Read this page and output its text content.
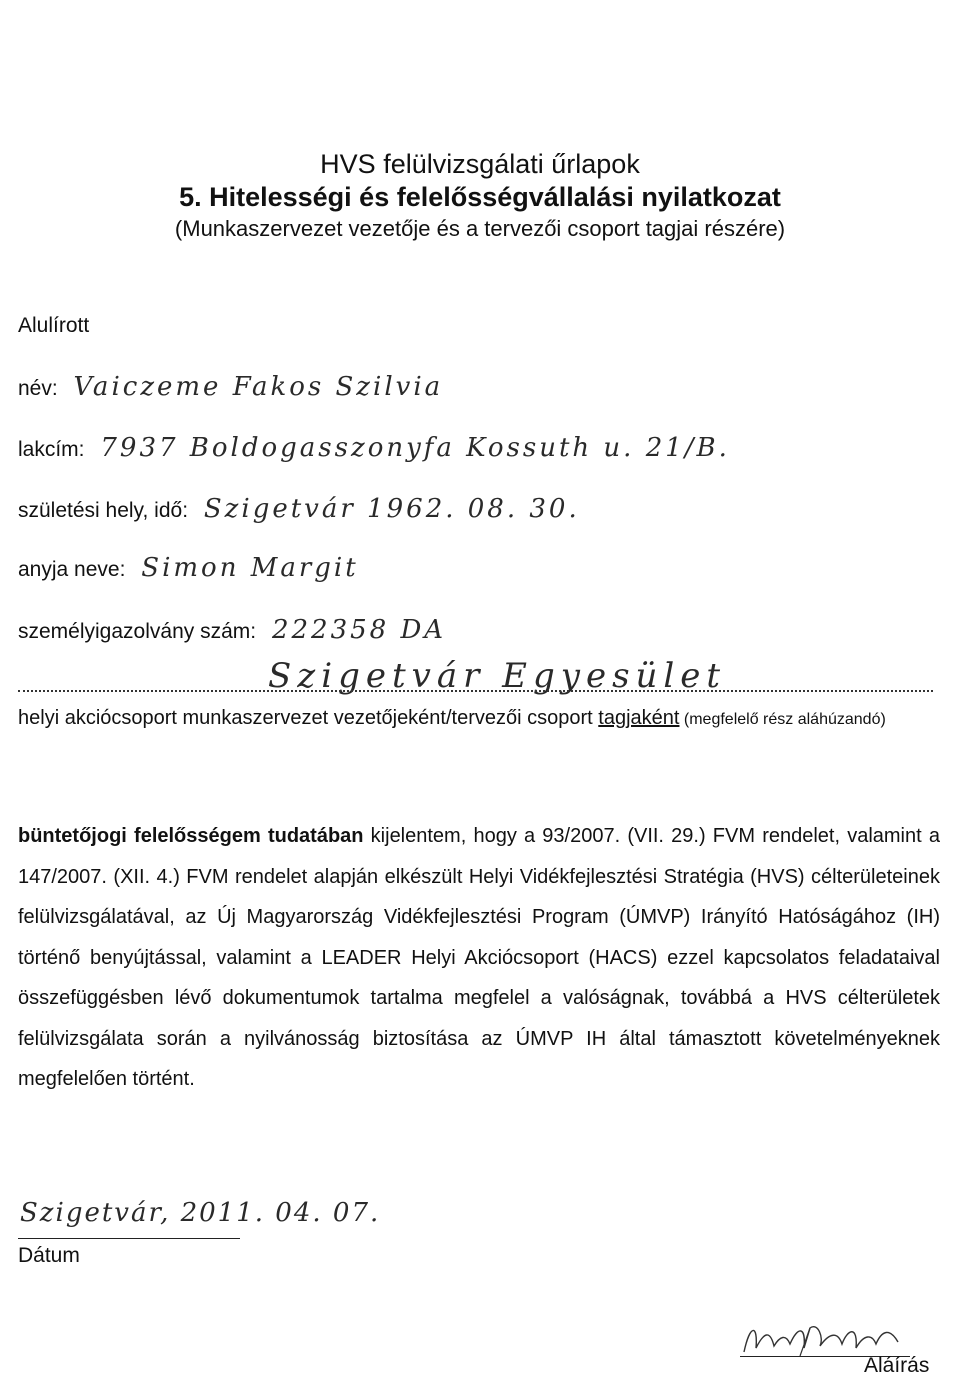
HVS felülvizsgálati űrlapok
5. Hitelességi és felelősségvállalási nyilatkozat
(Munkaszervezet vezetője és a tervezői csoport tagjai részére)
Alulírott
név: Vaiczeme Fakos Szilvia
lakcím: 7937 Boldogasszonyfa Kossuth u. 21/B.
születési hely, idő: Szigetvár 1962. 08. 30.
anyja neve: Simon Margit
személyigazolvány szám: 222358 DA
Szigetvár Egyesület
helyi akciócsoport munkaszervezet vezetőjeként/tervezői csoport tagjaként (megfelelő rész aláhúzandó)
büntetőjogi felelősségem tudatában kijelentem, hogy a 93/2007. (VII. 29.) FVM rendelet, valamint a 147/2007. (XII. 4.) FVM rendelet alapján elkészült Helyi Vidékfejlesztési Stratégia (HVS) célterületeinek felülvizsgálatával, az Új Magyarország Vidékfejlesztési Program (ÚMVP) Irányító Hatóságához (IH) történő benyújtással, valamint a LEADER Helyi Akciócsoport (HACS) ezzel kapcsolatos feladataival összefüggésben lévő dokumentumok tartalma megfelel a valóságnak, továbbá a HVS célterületek felülvizsgálata során a nyilvánosság biztosítása az ÚMVP IH által támasztott követelményeknek megfelelően történt.
Szigetvár, 2011. 04. 07.
Dátum
Aláírás
